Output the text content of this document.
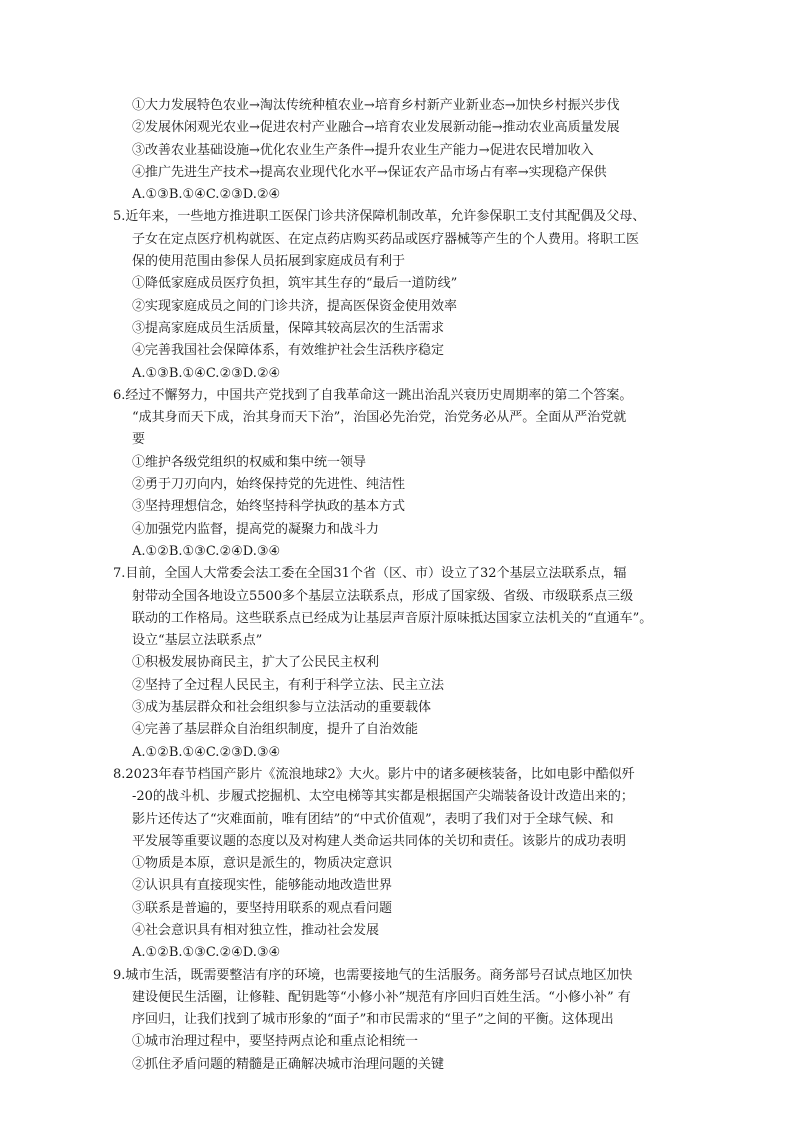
①大力发展特色农业→淘汰传统种植农业→培育乡村新产业新业态→加快乡村振兴步伐
②发展休闲观光农业→促进农村产业融合→培育农业发展新动能→推动农业高质量发展
③改善农业基础设施→优化农业生产条件→提升农业生产能力→促进农民增加收入
④推广先进生产技术→提高农业现代化水平→保证农产品市场占有率→实现稳产保供
A.①③B.①④C.②③D.②④
5.近年来，一些地方推进职工医保门诊共济保障机制改革，允许参保职工支付其配偶及父母、
子女在定点医疗机构就医、在定点药店购买药品或医疗器械等产生的个人费用。将职工医
保的使用范围由参保人员拓展到家庭成员有利于
①降低家庭成员医疗负担，筑牢其生存的“最后一道防线”
②实现家庭成员之间的门诊共济，提高医保资金使用效率
③提高家庭成员生活质量，保障其较高层次的生活需求
④完善我国社会保障体系，有效维护社会生活秩序稳定
A.①③B.①④C.②③D.②④
6.经过不懈努力，中国共产党找到了自我革命这一跳出治乱兴衰历史周期率的第二个答案。
“成其身而天下成，治其身而天下治”，治国必先治党，治党务必从严。全面从严治党就
要
①维护各级党组织的权威和集中统一领导
②勇于刀刃向内，始终保持党的先进性、纯洁性
③坚持理想信念，始终坚持科学执政的基本方式
④加强党内监督，提高党的凝聚力和战斗力
A.①②B.①③C.②④D.③④
7.目前，全国人大常委会法工委在全国31个省（区、市）设立了32个基层立法联系点，辐
射带动全国各地设立5500多个基层立法联系点，形成了国家级、省级、市级联系点三级
联动的工作格局。这些联系点已经成为让基层声音原汁原味抵达国家立法机关的“直通车”。
设立“基层立法联系点”
①积极发展协商民主，扩大了公民民主权利
②坚持了全过程人民民主，有利于科学立法、民主立法
③成为基层群众和社会组织参与立法活动的重要载体
④完善了基层群众自治组织制度，提升了自治效能
A.①②B.①④C.②③D.③④
8.2023年春节档国产影片《流浪地球2》大火。影片中的诸多硬核装备，比如电影中酷似歼
-20的战斗机、步履式挖掘机、太空电梯等其实都是根据国产尖端装备设计改造出来的；
影片还传达了“灾难面前，唯有团结”的“中式价值观”，表明了我们对于全球气候、和
平发展等重要议题的态度以及对构建人类命运共同体的关切和责任。该影片的成功表明
①物质是本原，意识是派生的，物质决定意识
②认识具有直接现实性，能够能动地改造世界
③联系是普遍的，要坚持用联系的观点看问题
④社会意识具有相对独立性，推动社会发展
A.①②B.①③C.②④D.③④
9.城市生活，既需要整洁有序的环境，也需要接地气的生活服务。商务部号召试点地区加快
建设便民生活圈，让修鞋、配钥匙等“小修小补”规范有序回归百姓生活。“小修小补” 有
序回归，让我们找到了城市形象的“面子”和市民需求的“里子”之间的平衡。这体现出
①城市治理过程中，要坚持两点论和重点论相统一
②抓住矛盾问题的精髓是正确解决城市治理问题的关键
